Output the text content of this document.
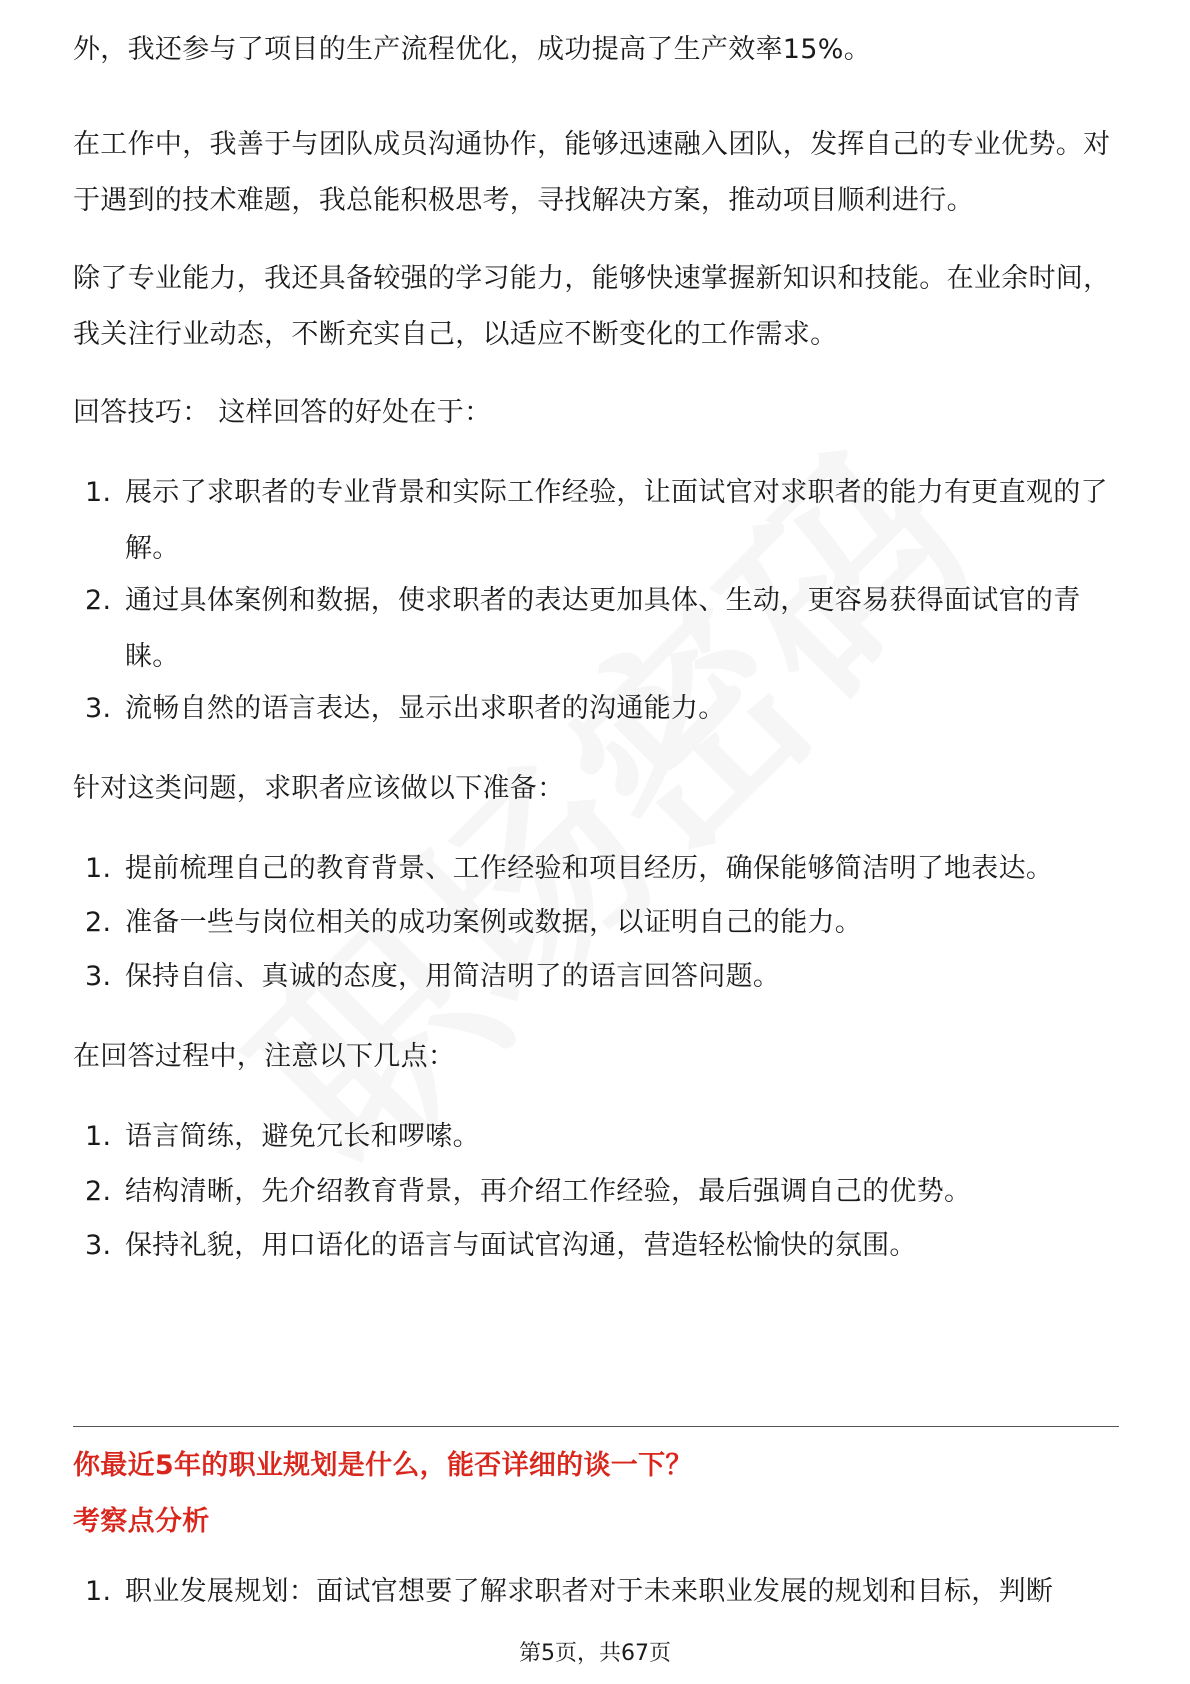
外，我还参与了项目的生产流程优化，成功提高了生产效率15%。

在工作中，我善于与团队成员沟通协作，能够迅速融入团队，发挥自己的专业优势。对于遇到的技术难题，我总能积极思考，寻找解决方案，推动项目顺利进行。

除了专业能力，我还具备较强的学习能力，能够快速掌握新知识和技能。在业余时间，我关注行业动态，不断充实自己，以适应不断变化的工作需求。

回答技巧： 这样回答的好处在于：

1. 展示了求职者的专业背景和实际工作经验，让面试官对求职者的能力有更直观的了解。
2. 通过具体案例和数据，使求职者的表达更加具体、生动，更容易获得面试官的青睐。
3. 流畅自然的语言表达，显示出求职者的沟通能力。

针对这类问题，求职者应该做以下准备：

1. 提前梳理自己的教育背景、工作经验和项目经历，确保能够简洁明了地表达。
2. 准备一些与岗位相关的成功案例或数据，以证明自己的能力。
3. 保持自信、真诚的态度，用简洁明了的语言回答问题。

在回答过程中，注意以下几点：

1. 语言简练，避免冗长和啰嗦。
2. 结构清晰，先介绍教育背景，再介绍工作经验，最后强调自己的优势。
3. 保持礼貌，用口语化的语言与面试官沟通，营造轻松愉快的氛围。
你最近5年的职业规划是什么，能否详细的谈一下？
考察点分析
1. 职业发展规划：面试官想要了解求职者对于未来职业发展的规划和目标，判断
第5页，共67页
